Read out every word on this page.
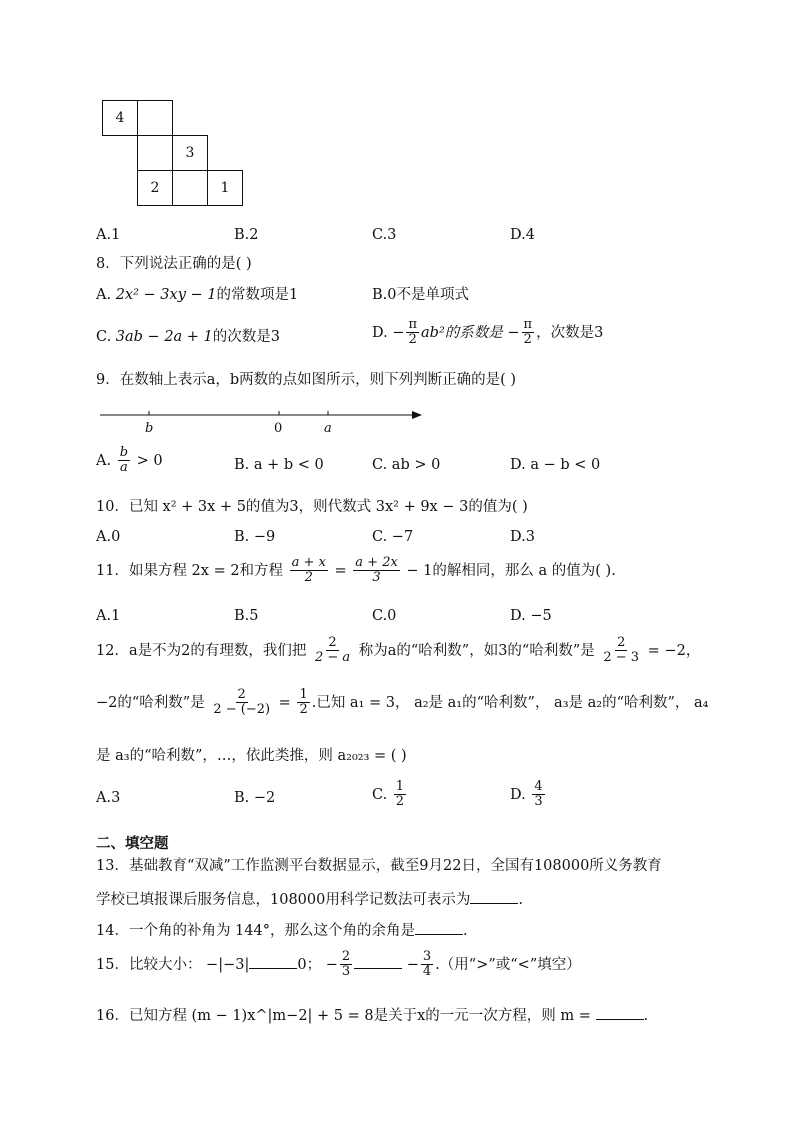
4
3
2	1
A.1	B.2	C.3	D.4
8．下列说法正确的是( )
A. 2x² − 3xy − 1的常数项是1	B.0不是单项式
C. 3ab − 2a + 1的次数是3	D. − $\frac{\pi}{2} ab^2$的系数是 − $\frac{\pi}{2}$ ，次数是3
9．在数轴上表示a，b两数的点如图所示，则下列判断正确的是( )
b	0	a
A. $\frac{b}{a} > 0$	B. a + b < 0	C. ab > 0	D. a − b < 0
10．已知 x² + 3x + 5的值为3，则代数式 3x² + 9x − 3的值为( )
A.0	B. −9	C. −7	D.3
11．如果方程 2x = 2和方程 $\frac{a + x}{2} = \frac{a + 2x}{3} - 1$的解相同，那么 a 的值为( ).
A.1	B.5	C.0	D. −5
12．a是不为2的有理数，我们把 $\frac{2}{2 - a}$ 称为a的“哈利数”，如3的“哈利数”是 $\frac{2}{2 - 3} = -2$，
−2的“哈利数”是 $\frac{2}{2 - (-2)} = \frac{1}{2}$ .已知 a₁ = 3， a₂是 a₁的“哈利数”， a₃是 a₂的“哈利数”， a₄
是 a₃的“哈利数”，…，依此类推，则 a₂₀₂₃ = ( )
A.3	B. −2	C. $\frac{1}{2}$	D. $\frac{4}{3}$
二、填空题
13．基础教育“双减”工作监测平台数据显示，截至9月22日，全国有108000所义务教育
学校已填报课后服务信息，108000用科学记数法可表示为	.
14．一个角的补角为 144°，那么这个角的余角是	.
15．比较大小： −|−3|	0； − $\frac{2}{3}$	− $\frac{3}{4}$ .（用“>”或“<”填空）
16．已知方程 (m − 1)x^|m−2| + 5 = 8是关于x的一元一次方程，则 m =	.
